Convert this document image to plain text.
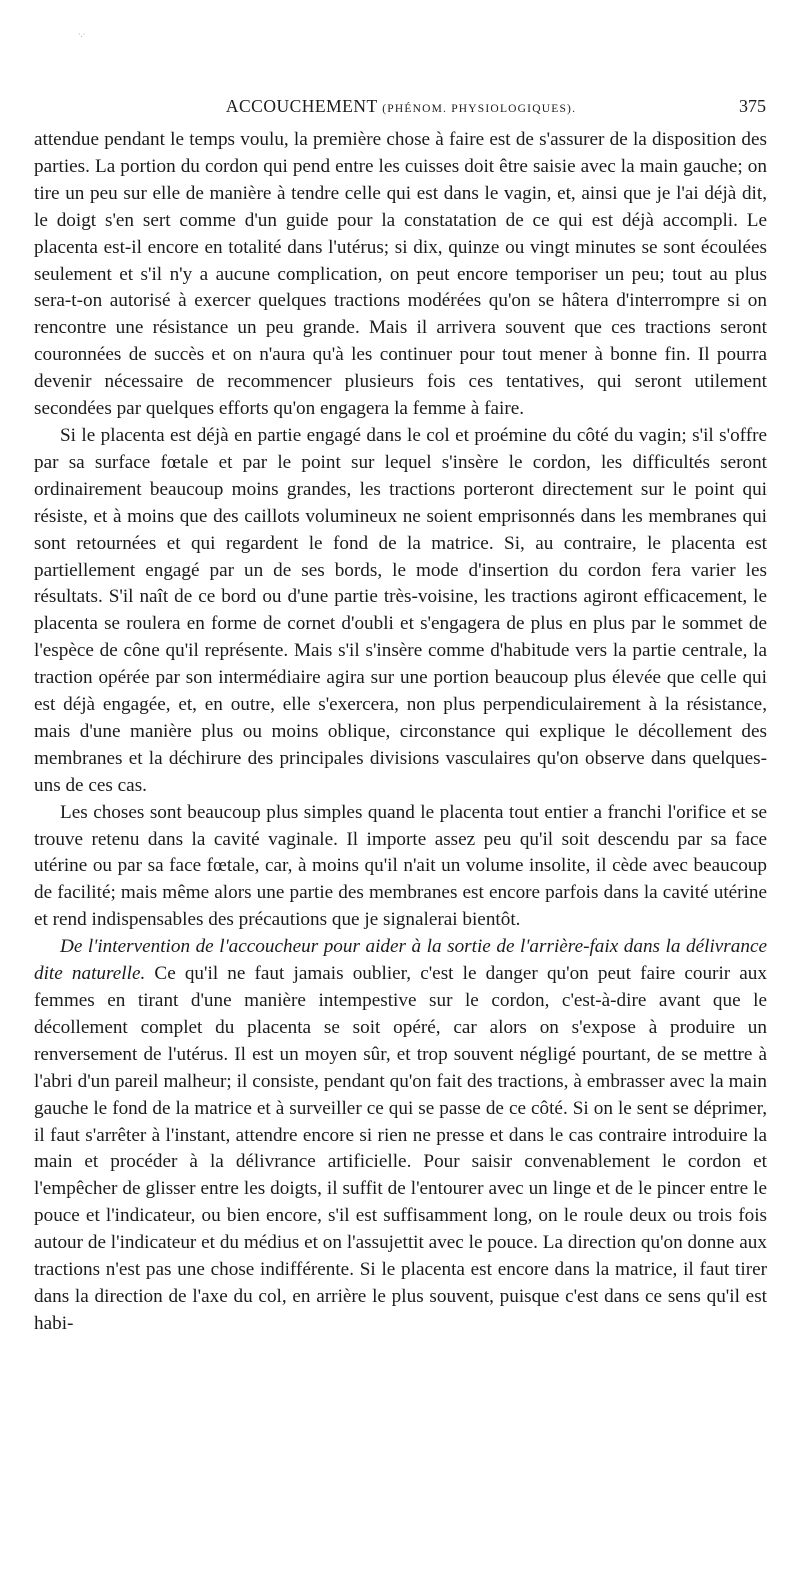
·.·
ACCOUCHEMENT (PHÉNOM. PHYSIOLOGIQUES).	375

attendue pendant le temps voulu, la première chose à faire est de s'assurer de la disposition des parties. La portion du cordon qui pend entre les cuisses doit être saisie avec la main gauche; on tire un peu sur elle de manière à tendre celle qui est dans le vagin, et, ainsi que je l'ai déjà dit, le doigt s'en sert comme d'un guide pour la constatation de ce qui est déjà accompli. Le placenta est-il encore en totalité dans l'utérus; si dix, quinze ou vingt minutes se sont écoulées seulement et s'il n'y a aucune complication, on peut encore temporiser un peu; tout au plus sera-t-on autorisé à exercer quelques tractions modérées qu'on se hâtera d'interrompre si on rencontre une résistance un peu grande. Mais il arrivera souvent que ces tractions seront couronnées de succès et on n'aura qu'à les continuer pour tout mener à bonne fin. Il pourra devenir nécessaire de recommencer plusieurs fois ces tentatives, qui seront utilement secondées par quelques efforts qu'on engagera la femme à faire.

Si le placenta est déjà en partie engagé dans le col et proémine du côté du vagin; s'il s'offre par sa surface fœtale et par le point sur lequel s'insère le cordon, les difficultés seront ordinairement beaucoup moins grandes, les tractions porteront directement sur le point qui résiste, et à moins que des caillots volumineux ne soient emprisonnés dans les membranes qui sont retournées et qui regardent le fond de la matrice. Si, au contraire, le placenta est partiellement engagé par un de ses bords, le mode d'insertion du cordon fera varier les résultats. S'il naît de ce bord ou d'une partie très-voisine, les tractions agiront efficacement, le placenta se roulera en forme de cornet d'oubli et s'engagera de plus en plus par le sommet de l'espèce de cône qu'il représente. Mais s'il s'insère comme d'habitude vers la partie centrale, la traction opérée par son intermédiaire agira sur une portion beaucoup plus élevée que celle qui est déjà engagée, et, en outre, elle s'exercera, non plus perpendiculairement à la résistance, mais d'une manière plus ou moins oblique, circonstance qui explique le décollement des membranes et la déchirure des principales divisions vasculaires qu'on observe dans quelques-uns de ces cas.

Les choses sont beaucoup plus simples quand le placenta tout entier a franchi l'orifice et se trouve retenu dans la cavité vaginale. Il importe assez peu qu'il soit descendu par sa face utérine ou par sa face fœtale, car, à moins qu'il n'ait un volume insolite, il cède avec beaucoup de facilité; mais même alors une partie des membranes est encore parfois dans la cavité utérine et rend indispensables des précautions que je signalerai bientôt.

De l'intervention de l'accoucheur pour aider à la sortie de l'arrière-faix dans la délivrance dite naturelle. Ce qu'il ne faut jamais oublier, c'est le danger qu'on peut faire courir aux femmes en tirant d'une manière intempestive sur le cordon, c'est-à-dire avant que le décollement complet du placenta se soit opéré, car alors on s'expose à produire un renversement de l'utérus. Il est un moyen sûr, et trop souvent négligé pourtant, de se mettre à l'abri d'un pareil malheur; il consiste, pendant qu'on fait des tractions, à embrasser avec la main gauche le fond de la matrice et à surveiller ce qui se passe de ce côté. Si on le sent se déprimer, il faut s'arrêter à l'instant, attendre encore si rien ne presse et dans le cas contraire introduire la main et procéder à la délivrance artificielle. Pour saisir convenablement le cordon et l'empêcher de glisser entre les doigts, il suffit de l'entourer avec un linge et de le pincer entre le pouce et l'indicateur, ou bien encore, s'il est suffisamment long, on le roule deux ou trois fois autour de l'indicateur et du médius et on l'assujettit avec le pouce. La direction qu'on donne aux tractions n'est pas une chose indifférente. Si le placenta est encore dans la matrice, il faut tirer dans la direction de l'axe du col, en arrière le plus souvent, puisque c'est dans ce sens qu'il est habi-
